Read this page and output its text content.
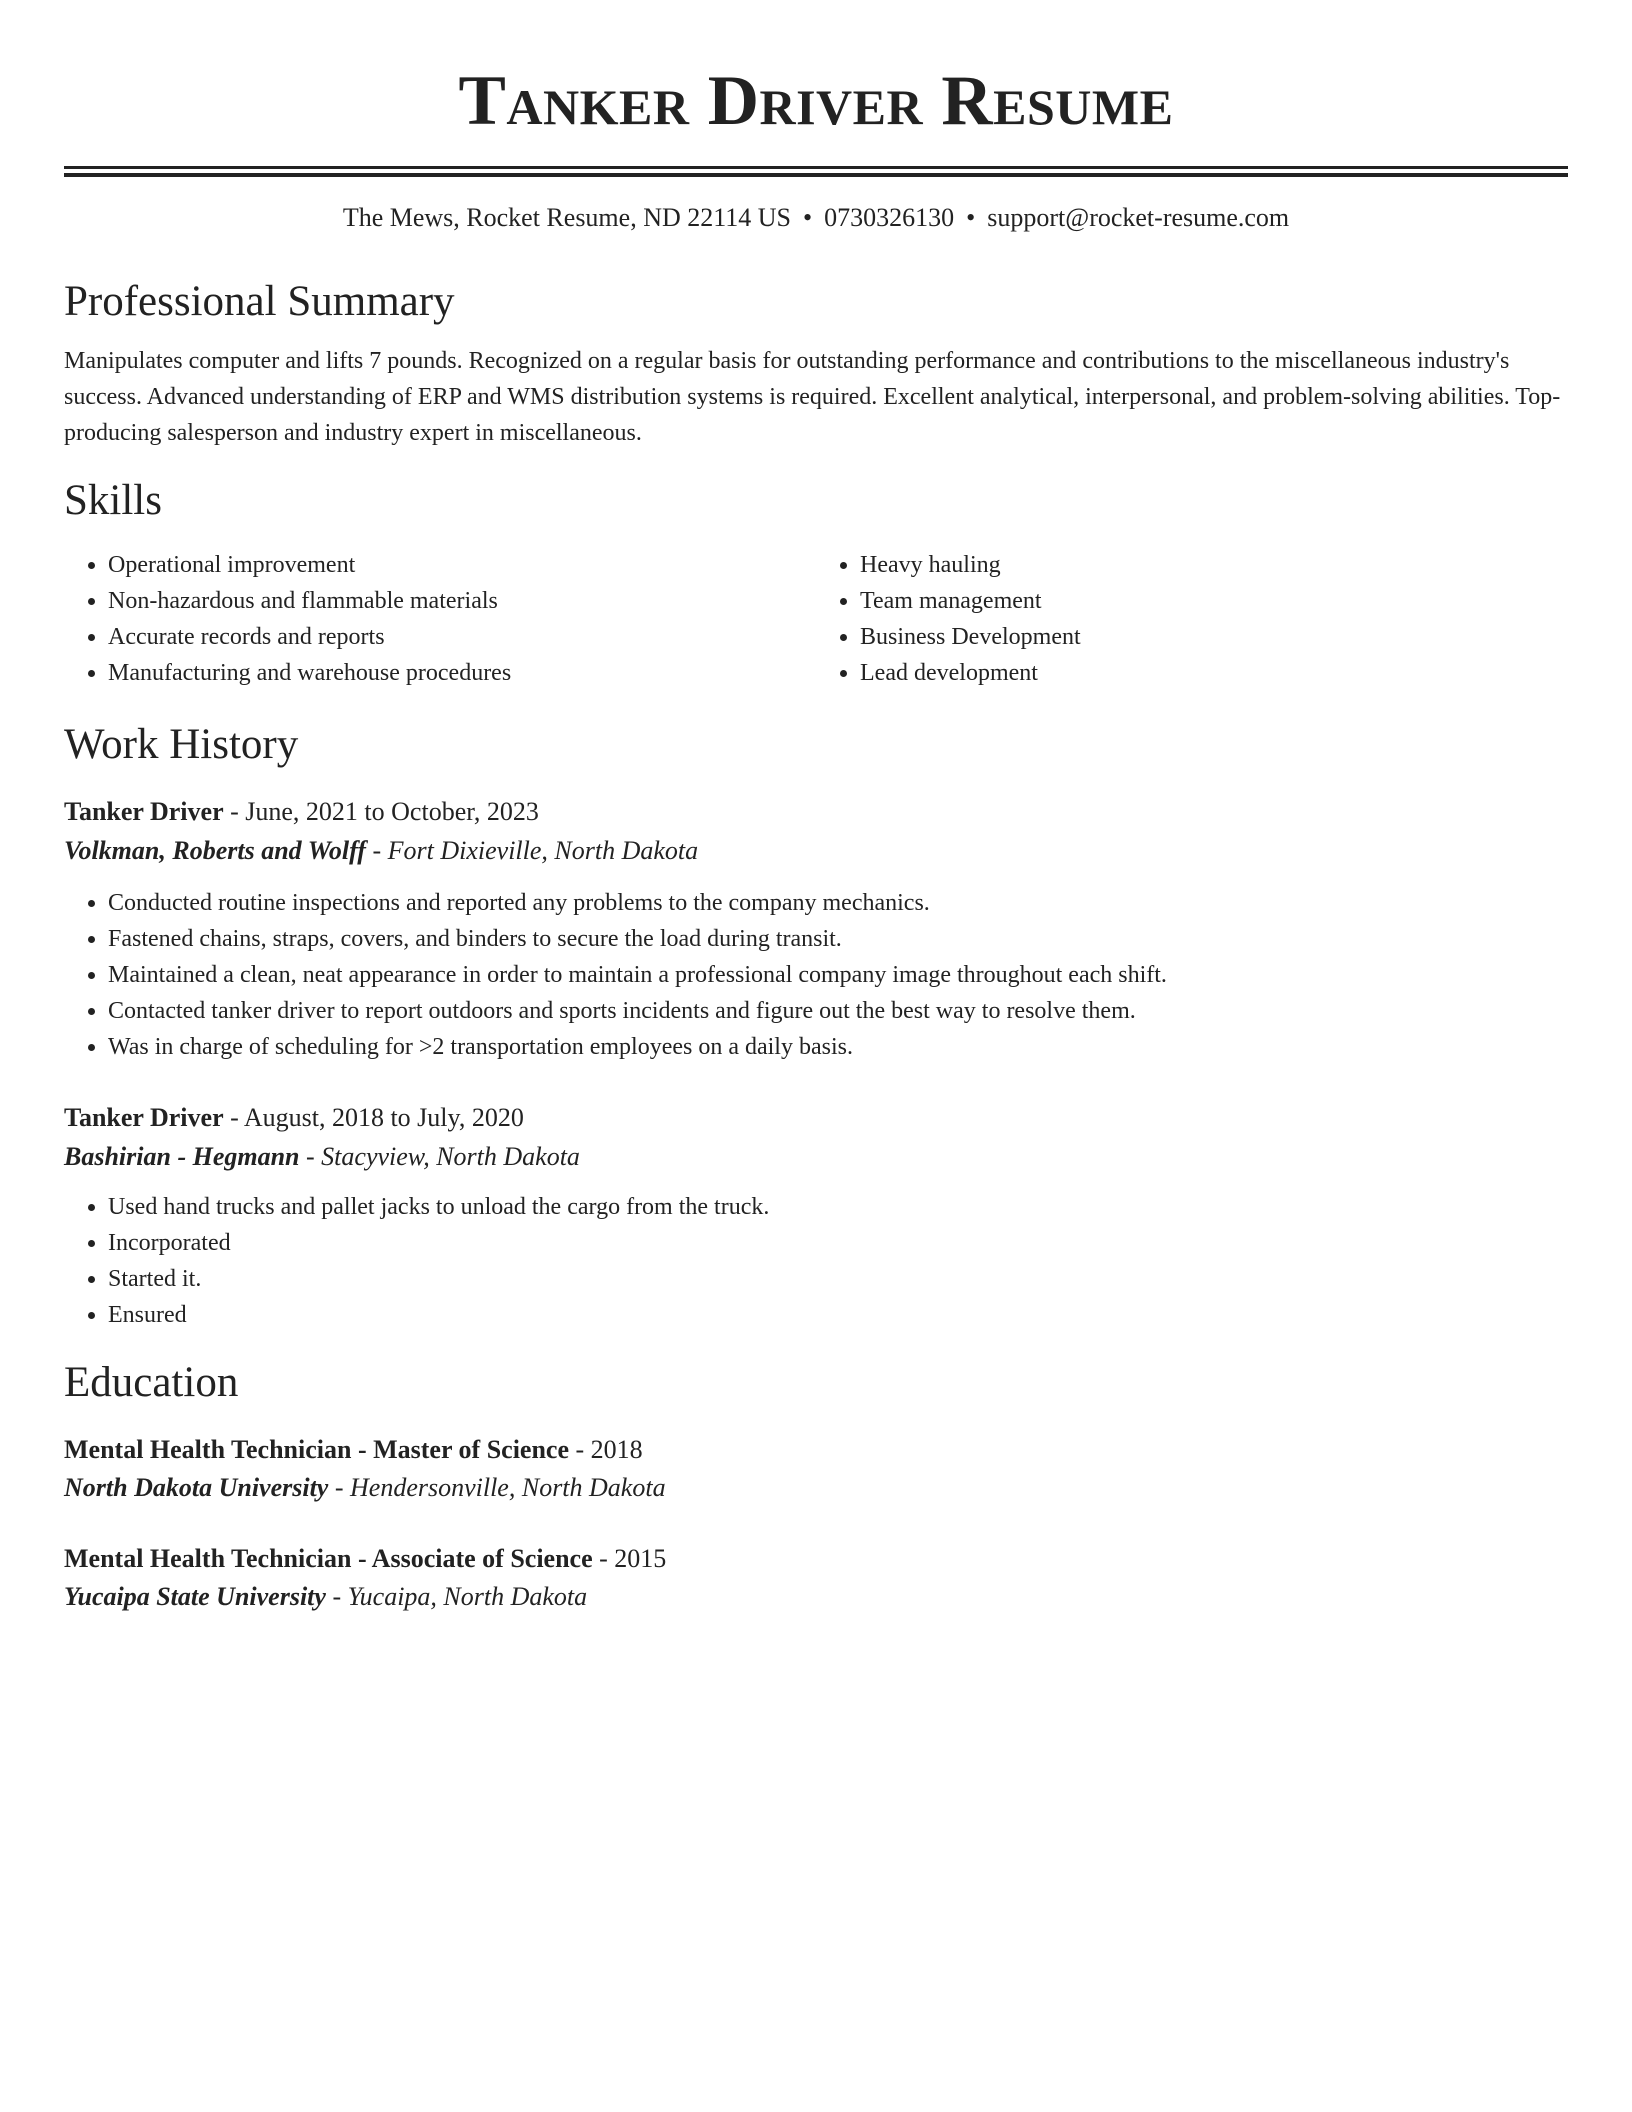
Tanker Driver Resume
The Mews, Rocket Resume, ND 22114 US • 0730326130 • support@rocket-resume.com
Professional Summary

Manipulates computer and lifts 7 pounds. Recognized on a regular basis for outstanding performance and contributions to the miscellaneous industry's success. Advanced understanding of ERP and WMS distribution systems is required. Excellent analytical, interpersonal, and problem-solving abilities. Top-producing salesperson and industry expert in miscellaneous.

Skills
• Operational improvement
• Non-hazardous and flammable materials
• Accurate records and reports
• Manufacturing and warehouse procedures
• Heavy hauling
• Team management
• Business Development
• Lead development
Work History
Tanker Driver - June, 2021 to October, 2023
Volkman, Roberts and Wolff - Fort Dixieville, North Dakota
• Conducted routine inspections and reported any problems to the company mechanics.
• Fastened chains, straps, covers, and binders to secure the load during transit.
• Maintained a clean, neat appearance in order to maintain a professional company image throughout each shift.
• Contacted tanker driver to report outdoors and sports incidents and figure out the best way to resolve them.
• Was in charge of scheduling for >2 transportation employees on a daily basis.
Tanker Driver - August, 2018 to July, 2020
Bashirian - Hegmann - Stacyview, North Dakota
• Used hand trucks and pallet jacks to unload the cargo from the truck.
• Incorporated
• Started it.
• Ensured
Education
Mental Health Technician - Master of Science - 2018
North Dakota University - Hendersonville, North Dakota
Mental Health Technician - Associate of Science - 2015
Yucaipa State University - Yucaipa, North Dakota
